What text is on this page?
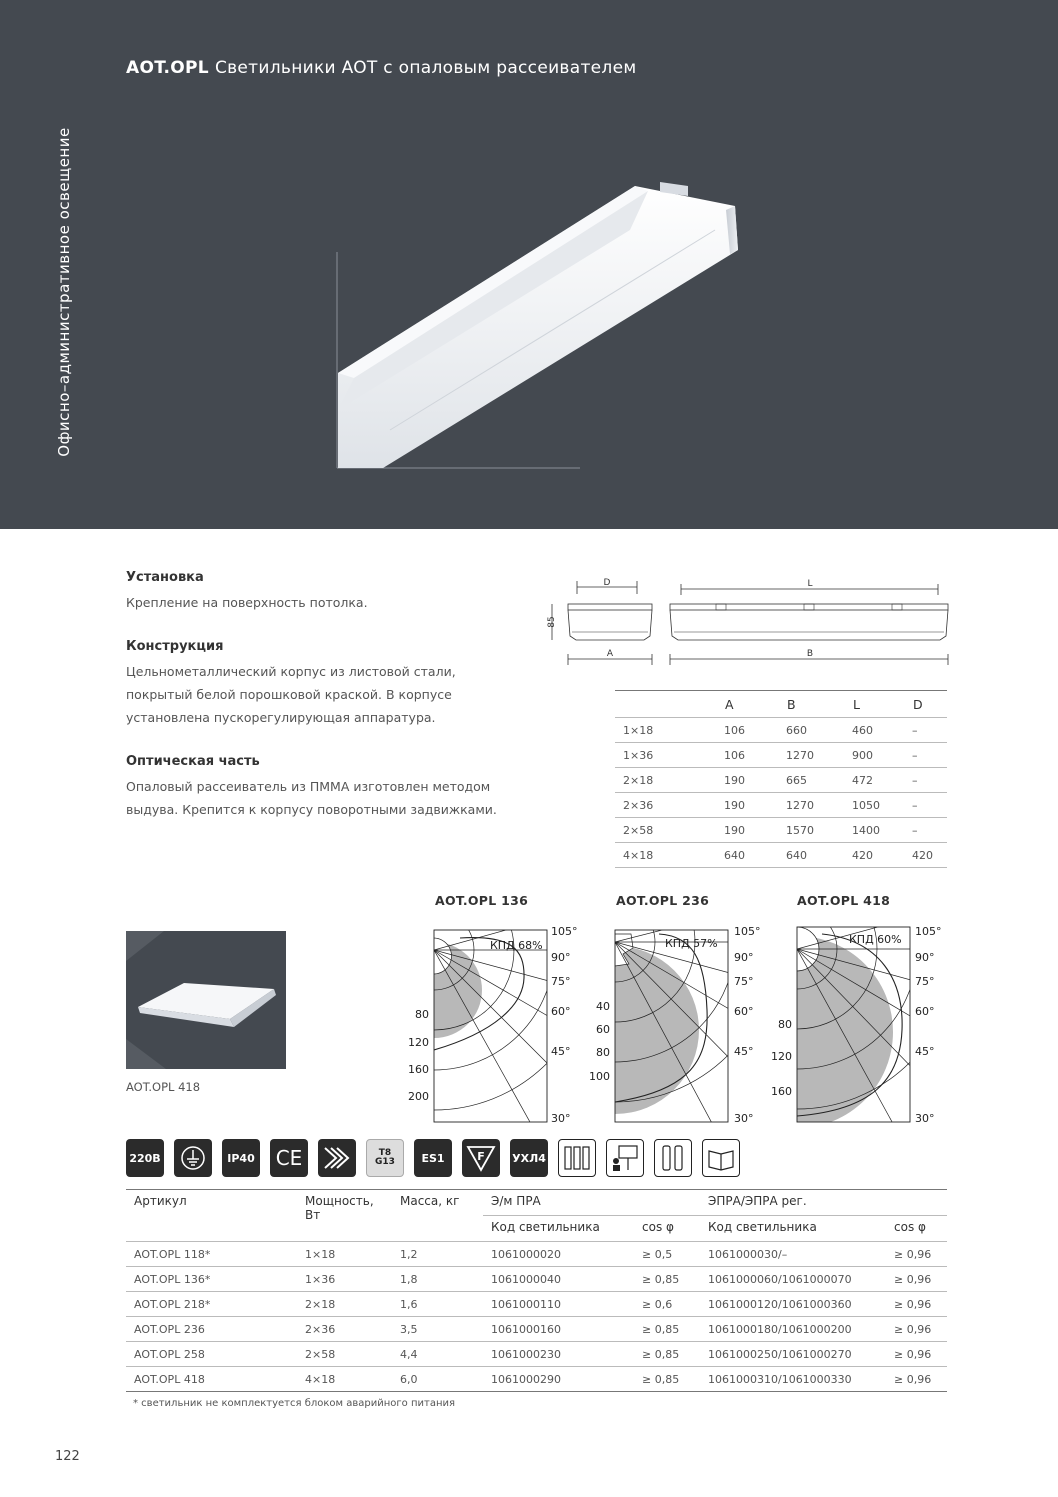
AOT.OPL Светильники AOT с опаловым рассеивателем
Офисно–административное освещение
Установка
Крепление на поверхность потолка.
Конструкция
Цельнометаллический корпус из листовой стали, покрытый белой порошковой краской. В корпусе установлена пускорегулирующая аппаратура.
Оптическая часть
Опаловый рассеиватель из ПММА изготовлен методом выдува. Крепится к корпусу поворотными задвижками.
D
85
A
L
B
	A	B	L	D
1×18	106	660	460	–
1×36	106	1270	900	–
2×18	190	665	472	–
2×36	190	1270	1050	–
2×58	190	1570	1400	–
4×18	640	640	420	420
AOT.OPL 418
AOT.OPL 136	AOT.OPL 236	AOT.OPL 418
КПД 68%
105°
90°
75°
60°
45°
30°
80
120
160
200
КПД 57%
105°
90°
75°
60°
45°
30°
40
60
80
100
КПД 60%
105°
90°
75°
60°
45°
30°
80
120
160
220В	IP40 CE	T8
G13 ES1	F УХЛ4
Артикул	Мощность, Вт	Масса, кг	Э/м ПРА		ЭПРА/ЭПРА рег.	
			Код светильника	cos φ	Код светильника	cos φ
AOT.OPL 118*	1×18	1,2	1061000020	≥ 0,5	1061000030/–	≥ 0,96
AOT.OPL 136*	1×36	1,8	1061000040	≥ 0,85	1061000060/1061000070	≥ 0,96
AOT.OPL 218*	2×18	1,6	1061000110	≥ 0,6	1061000120/1061000360	≥ 0,96
AOT.OPL 236	2×36	3,5	1061000160	≥ 0,85	1061000180/1061000200	≥ 0,96
AOT.OPL 258	2×58	4,4	1061000230	≥ 0,85	1061000250/1061000270	≥ 0,96
AOT.OPL 418	4×18	6,0	1061000290	≥ 0,85	1061000310/1061000330	≥ 0,96
* светильник не комплектуется блоком аварийного питания
122
